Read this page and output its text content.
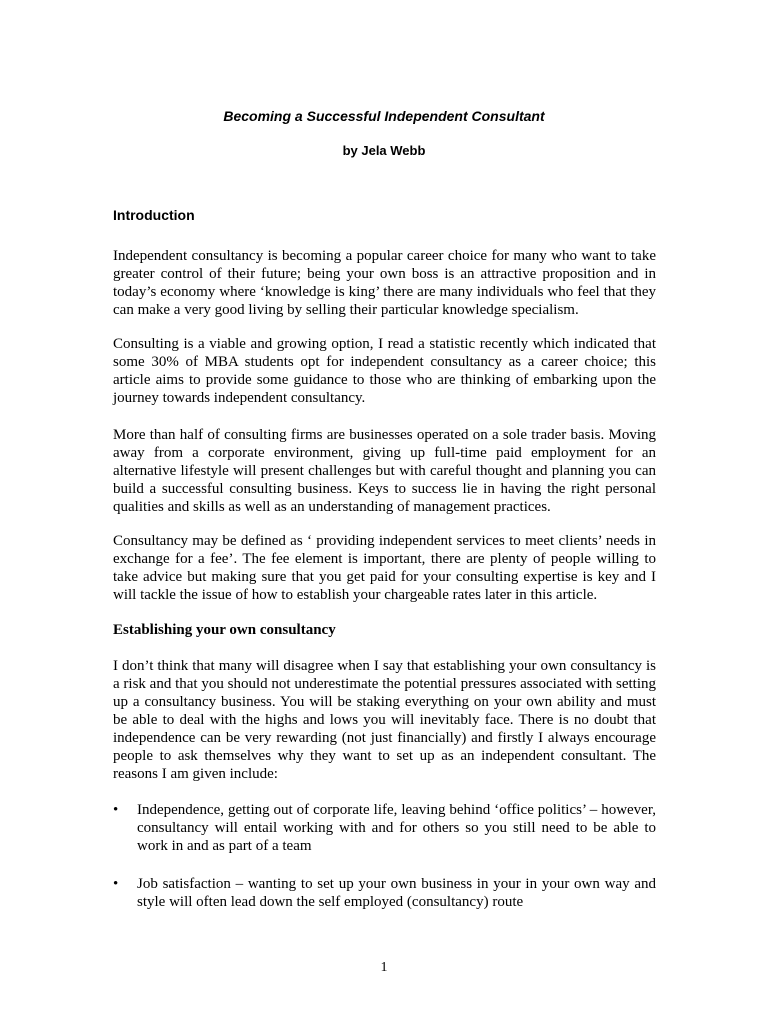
Becoming a Successful Independent Consultant
by Jela Webb
Introduction
Independent consultancy is becoming a popular career choice for many who want to take greater control of their future; being your own boss is an attractive proposition and in today’s economy where ‘knowledge is king’ there are many individuals who feel that they can make a very good living by selling their particular knowledge specialism.
Consulting is a viable and growing option, I read a statistic recently which indicated that some 30% of MBA students opt for independent consultancy as a career choice; this article aims to provide some guidance to those who are thinking of embarking upon the journey towards independent consultancy.
More than half of consulting firms are businesses operated on a sole trader basis. Moving away from a corporate environment, giving up full-time paid employment for an alternative lifestyle will present challenges but with careful thought and planning you can build a successful consulting business. Keys to success lie in having the right personal qualities and skills as well as an understanding of management practices.
Consultancy may be defined as ‘ providing independent services to meet clients’ needs in exchange for a fee’. The fee element is important, there are plenty of people willing to take advice but making sure that you get paid for your consulting expertise is key and I will tackle the issue of how to establish your chargeable rates later in this article.
Establishing your own consultancy
I don’t think that many will disagree when I say that establishing your own consultancy is a risk and that you should not underestimate the potential pressures associated with setting up a consultancy business. You will be staking everything on your own ability and must be able to deal with the highs and lows you will inevitably face. There is no doubt that independence can be very rewarding (not just financially) and firstly I always encourage people to ask themselves why they want to set up as an independent consultant. The reasons I am given include:
•	Independence, getting out of corporate life, leaving behind ‘office politics’ – however, consultancy will entail working with and for others so you still need to be able to work in and as part of a team
•	Job satisfaction – wanting to set up your own business in your in your own way and style will often lead down the self employed (consultancy) route
1
